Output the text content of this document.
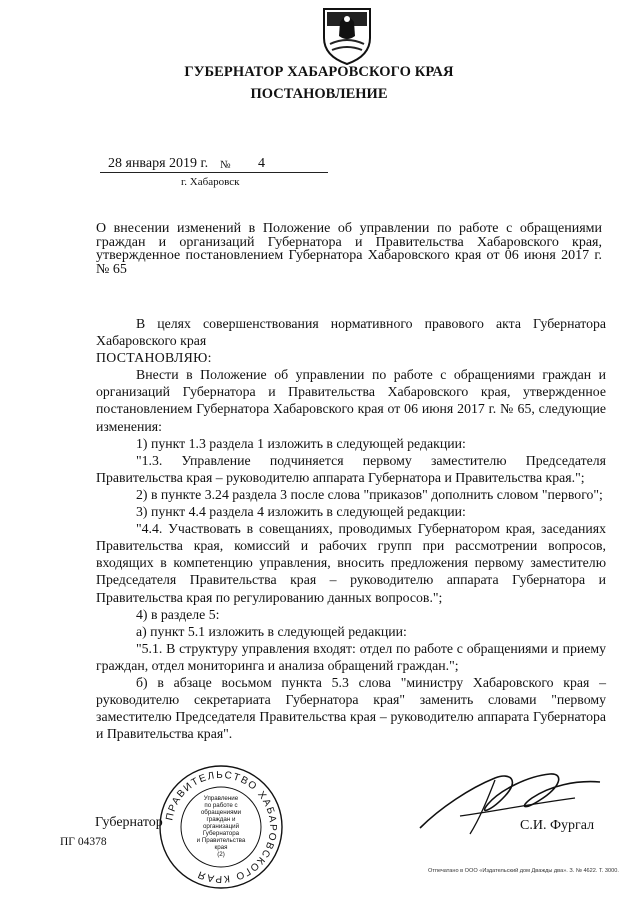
ГУБЕРНАТОР ХАБАРОВСКОГО КРАЯ
ПОСТАНОВЛЕНИЕ
28 января 2019 г. № 4
г. Хабаровск
О внесении изменений в Положение об управлении по работе с обращениями граждан и организаций Губернатора и Правительства Хабаровского края, утвержденное постановлением Губернатора Хабаровского края от 06 июня 2017 г. № 65

В целях совершенствования нормативного правового акта Губернатора Хабаровского края

ПОСТАНОВЛЯЮ:

Внести в Положение об управлении по работе с обращениями граждан и организаций Губернатора и Правительства Хабаровского края, утвержденное постановлением Губернатора Хабаровского края от 06 июня 2017 г. № 65, следующие изменения:

1) пункт 1.3 раздела 1 изложить в следующей редакции:

"1.3. Управление подчиняется первому заместителю Председателя Правительства края – руководителю аппарата Губернатора и Правительства края.";

2) в пункте 3.24 раздела 3 после слова "приказов" дополнить словом "первого";

3) пункт 4.4 раздела 4 изложить в следующей редакции:

"4.4. Участвовать в совещаниях, проводимых Губернатором края, заседаниях Правительства края, комиссий и рабочих групп при рассмотрении вопросов, входящих в компетенцию управления, вносить предложения первому заместителю Председателя Правительства края – руководителю аппарата Губернатора и Правительства края по регулированию данных вопросов.";

4) в разделе 5:

а) пункт 5.1 изложить в следующей редакции:

"5.1. В структуру управления входят: отдел по работе с обращениями и приему граждан, отдел мониторинга и анализа обращений граждан.";

б) в абзаце восьмом пункта 5.3 слова "министру Хабаровского края – руководителю секретариата Губернатора края" заменить словами "первому заместителю Председателя Правительства края – руководителю аппарата Губернатора и Правительства края".

Губернатор
ПГ 04378
С.И. Фургал
Отпечатано в ООО «Издательский дом Дважды два». З. № 4622. Т. 3000.
ПРАВИТЕЛЬСТВО ХАБАРОВСКОГО КРАЯ
Управление
по работе с
обращениями
граждан и
организаций
Губернатора
и Правительства
края
(2)
